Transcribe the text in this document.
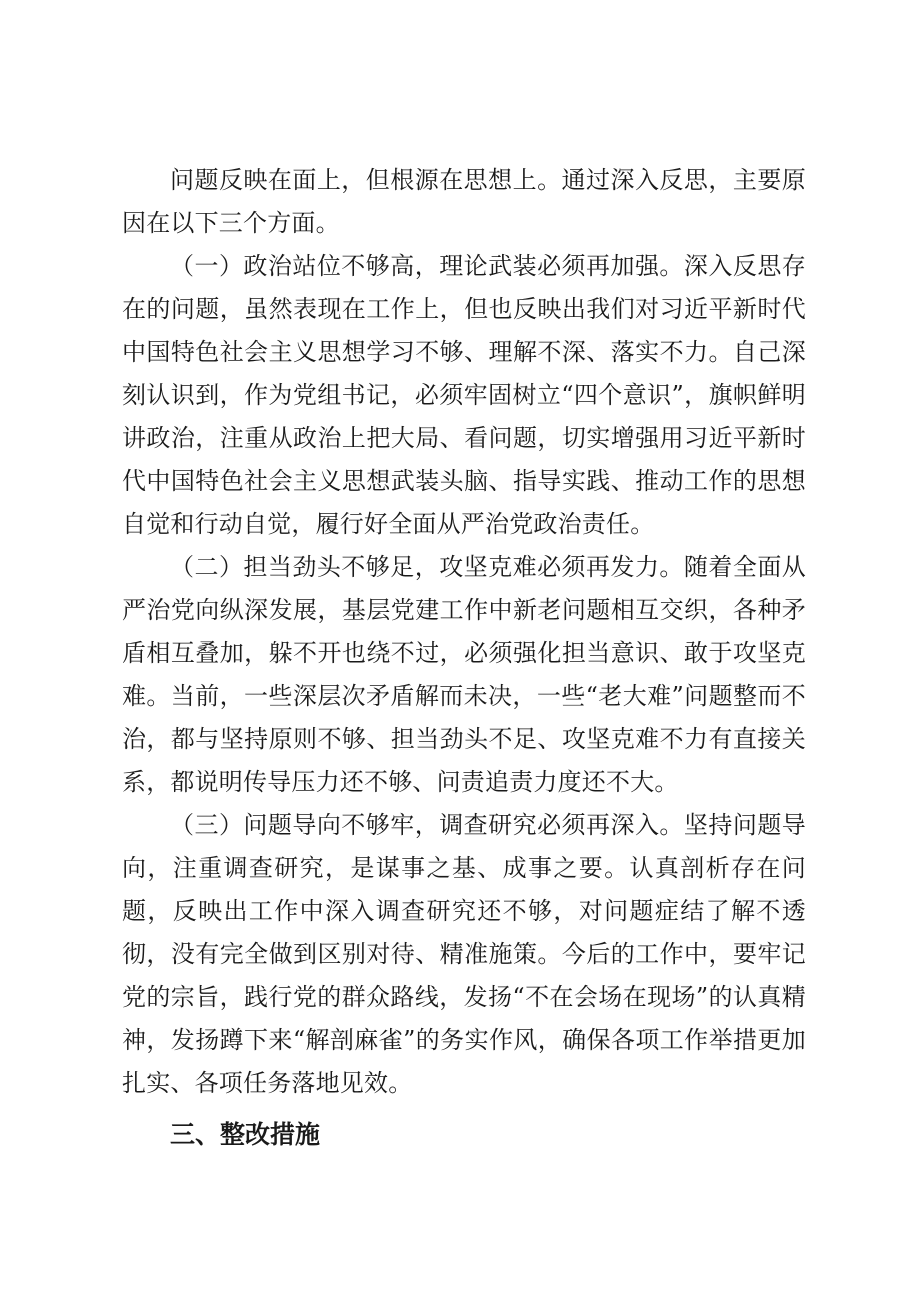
问题反映在面上，但根源在思想上。通过深入反思，主要原因在以下三个方面。

（一）政治站位不够高，理论武装必须再加强。深入反思存在的问题，虽然表现在工作上，但也反映出我们对习近平新时代中国特色社会主义思想学习不够、理解不深、落实不力。自己深刻认识到，作为党组书记，必须牢固树立“四个意识”，旗帜鲜明讲政治，注重从政治上把大局、看问题，切实增强用习近平新时代中国特色社会主义思想武装头脑、指导实践、推动工作的思想自觉和行动自觉，履行好全面从严治党政治责任。

（二）担当劲头不够足，攻坚克难必须再发力。随着全面从严治党向纵深发展，基层党建工作中新老问题相互交织，各种矛盾相互叠加，躲不开也绕不过，必须强化担当意识、敢于攻坚克难。当前，一些深层次矛盾解而未决，一些“老大难”问题整而不治，都与坚持原则不够、担当劲头不足、攻坚克难不力有直接关系，都说明传导压力还不够、问责追责力度还不大。

（三）问题导向不够牢，调查研究必须再深入。坚持问题导向，注重调查研究，是谋事之基、成事之要。认真剖析存在问题，反映出工作中深入调查研究还不够，对问题症结了解不透彻，没有完全做到区别对待、精准施策。今后的工作中，要牢记党的宗旨，践行党的群众路线，发扬“不在会场在现场”的认真精神，发扬蹲下来“解剖麻雀”的务实作风，确保各项工作举措更加扎实、各项任务落地见效。

三、整改措施
